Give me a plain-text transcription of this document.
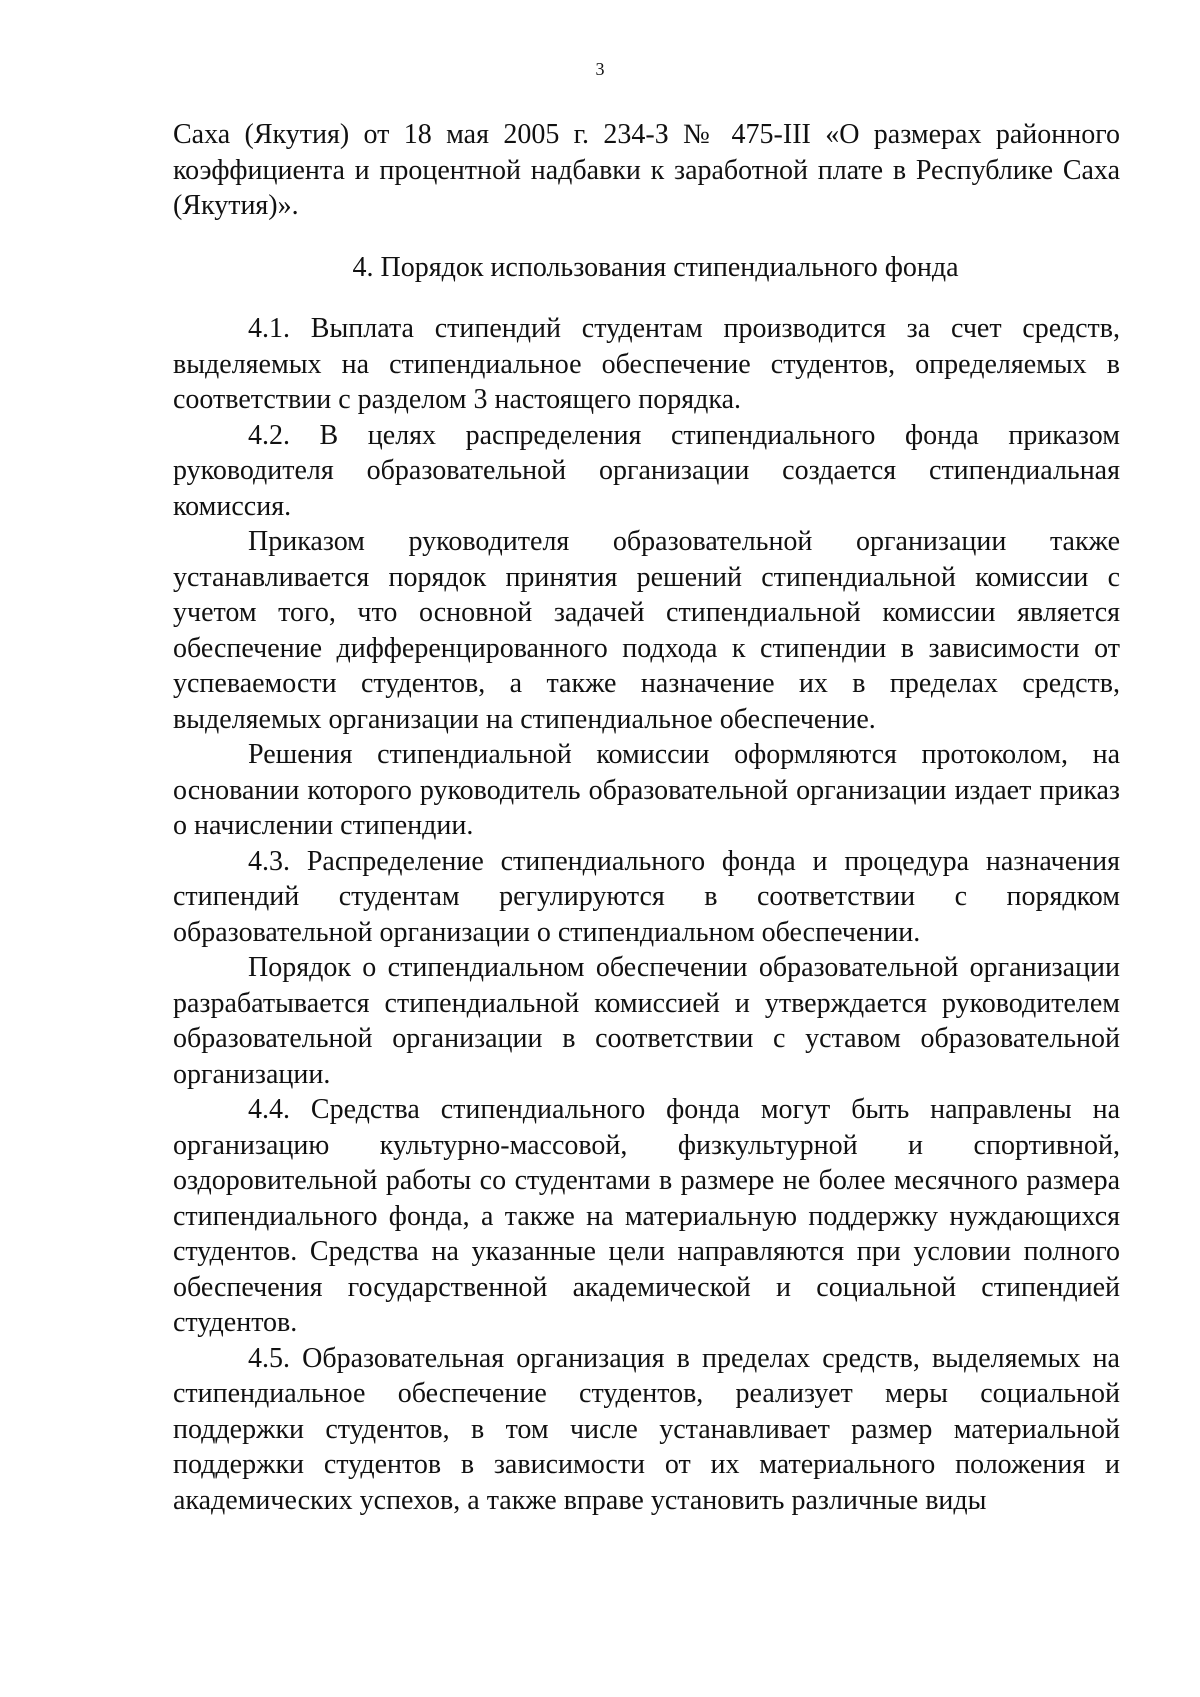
3

Саха (Якутия) от 18 мая 2005 г. 234-З № 475-III «О размерах районного коэффициента и процентной надбавки к заработной плате в Республике Саха (Якутия)».

4. Порядок использования стипендиального фонда

4.1. Выплата стипендий студентам производится за счет средств, выделяемых на стипендиальное обеспечение студентов, определяемых в соответствии с разделом 3 настоящего порядка.

4.2. В целях распределения стипендиального фонда приказом руководителя образовательной организации создается стипендиальная комиссия.

Приказом руководителя образовательной организации также устанавливается порядок принятия решений стипендиальной комиссии с учетом того, что основной задачей стипендиальной комиссии является обеспечение дифференцированного подхода к стипендии в зависимости от успеваемости студентов, а также назначение их в пределах средств, выделяемых организации на стипендиальное обеспечение.

Решения стипендиальной комиссии оформляются протоколом, на основании которого руководитель образовательной организации издает приказ о начислении стипендии.

4.3. Распределение стипендиального фонда и процедура назначения стипендий студентам регулируются в соответствии с порядком образовательной организации о стипендиальном обеспечении.

Порядок о стипендиальном обеспечении образовательной организации разрабатывается стипендиальной комиссией и утверждается руководителем образовательной организации в соответствии с уставом образовательной организации.

4.4. Средства стипендиального фонда могут быть направлены на организацию культурно-массовой, физкультурной и спортивной, оздоровительной работы со студентами в размере не более месячного размера стипендиального фонда, а также на материальную поддержку нуждающихся студентов. Средства на указанные цели направляются при условии полного обеспечения государственной академической и социальной стипендией студентов.

4.5. Образовательная организация в пределах средств, выделяемых на стипендиальное обеспечение студентов, реализует меры социальной поддержки студентов, в том числе устанавливает размер материальной поддержки студентов в зависимости от их материального положения и академических успехов, а также вправе установить различные виды
